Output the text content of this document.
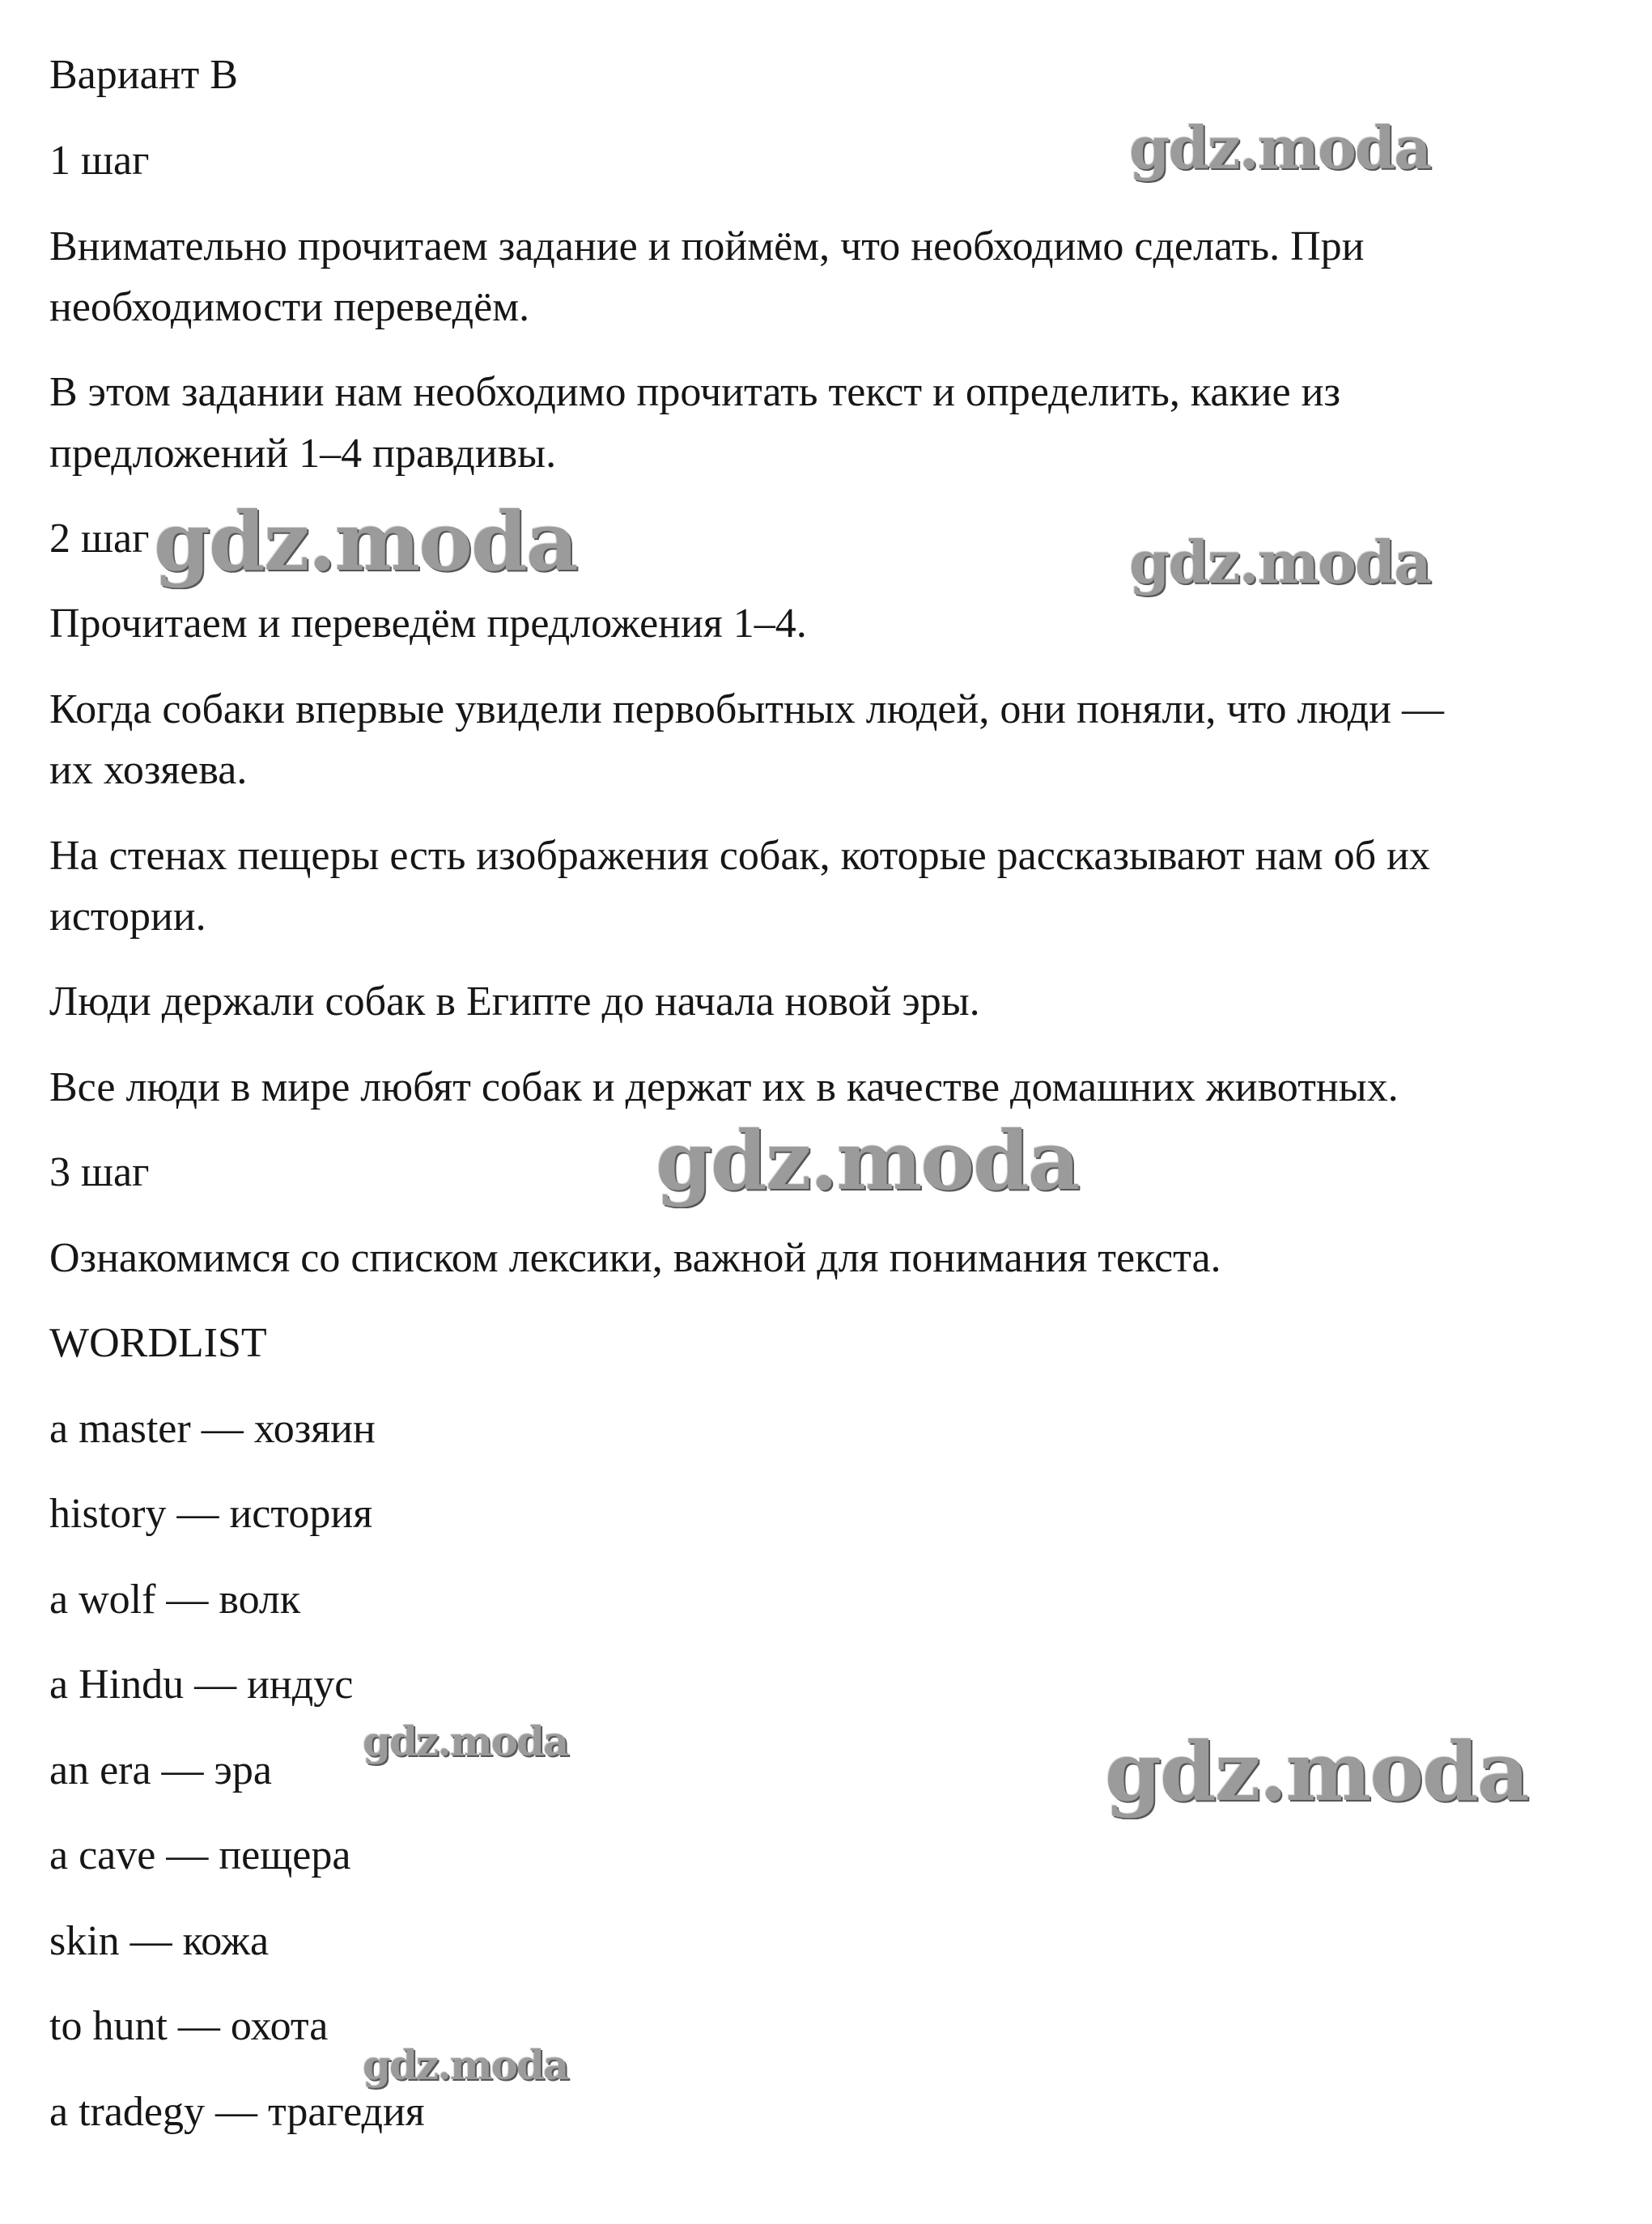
Вариант B

1 шаг

Внимательно прочитаем задание и поймём, что необходимо сделать. При

необходимости переведём.

В этом задании нам необходимо прочитать текст и определить, какие из

предложений 1–4 правдивы.

2 шаг

Прочитаем и переведём предложения 1–4.

Когда собаки впервые увидели первобытных людей, они поняли, что люди —

их хозяева.

На стенах пещеры есть изображения собак, которые рассказывают нам об их

истории.

Люди держали собак в Египте до начала новой эры.

Все люди в мире любят собак и держат их в качестве домашних животных.

3 шаг

Ознакомимся со списком лексики, важной для понимания текста.

WORDLIST

a master — хозяин

history — история

a wolf — волк

a Hindu — индус

an era — эра

a cave — пещера

skin — кожа

to hunt — охота

a tradegy — трагедия

gdz.moda
gdz.moda	gdz.moda
gdz.moda
gdz.moda	gdz.moda
gdz.moda
